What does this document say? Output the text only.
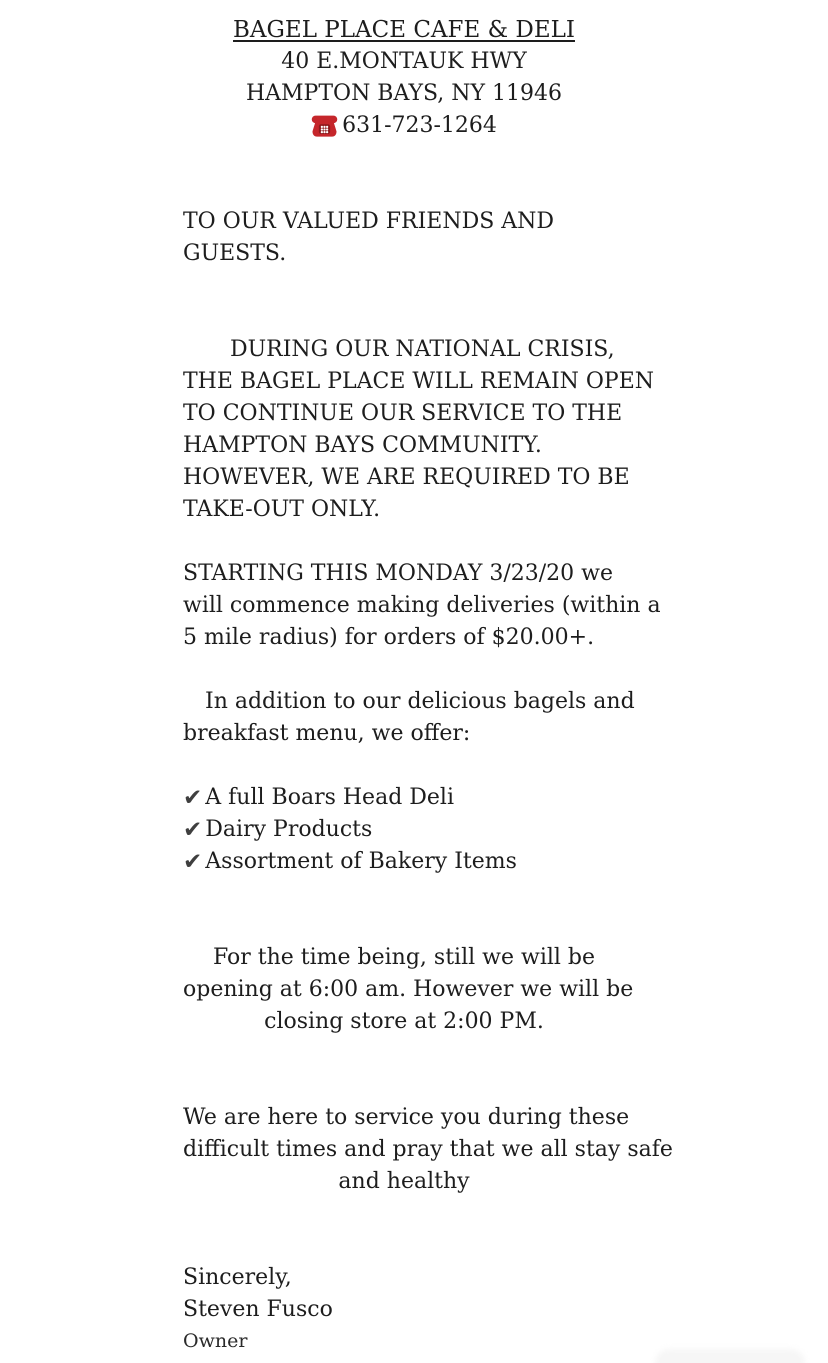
BAGEL PLACE CAFE & DELI
40 E.MONTAUK HWY
HAMPTON BAYS, NY 11946
631-723-1264
TO OUR VALUED FRIENDS AND
GUESTS.
DURING OUR NATIONAL CRISIS,
THE BAGEL PLACE WILL REMAIN OPEN
TO CONTINUE OUR SERVICE TO THE
HAMPTON BAYS COMMUNITY.
HOWEVER, WE ARE REQUIRED TO BE
TAKE-OUT ONLY.
STARTING THIS MONDAY 3/23/20 we
will commence making deliveries (within a
5 mile radius) for orders of $20.00+.
In addition to our delicious bagels and
breakfast menu, we offer:
✔ A full Boars Head Deli
✔ Dairy Products
✔ Assortment of Bakery Items
For the time being, still we will be
opening at 6:00 am. However we will be
closing store at 2:00 PM.
We are here to service you during these
difficult times and pray that we all stay safe
and healthy
Sincerely,
Steven Fusco
Owner
